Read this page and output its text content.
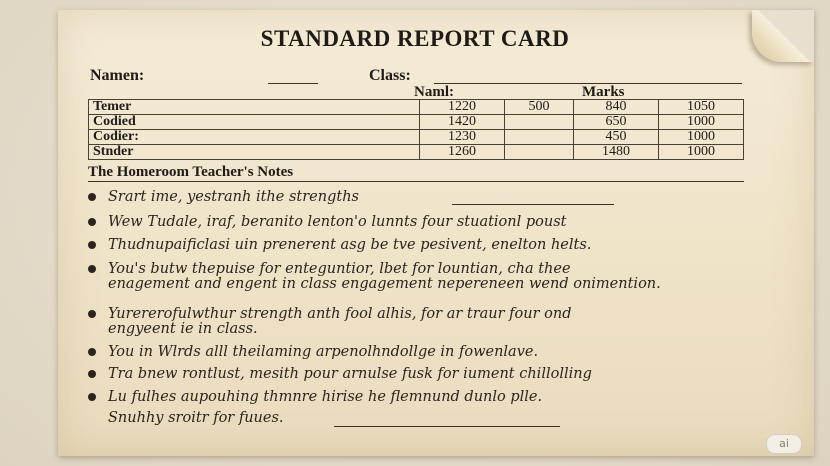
STANDARD REPORT CARD
Namen:	Class:
Naml:	Marks
Temer	1220	500	840	1050
Codied	1420		650	1000
Codier:	1230		450	1000
Stnder	1260		1480	1000
The Homeroom Teacher's Notes
Srart ime, yestranh ithe strengths
Wew Tudale, iraf, beranito lenton'o lunnts four stuationl poust
Thudnupaificlasi uin prenerent asg be tve pesivent, enelton helts.
You's butw thepuise for enteguntior, lbet for lountian, cha thee
enagement and engent in class engagement nepereneen wend onimention.
Yurererofulwthur strength anth fool alhis, for ar traur four ond
engyeent ie in class.
You in Wlrds alll theilaming arpenolhndollge in fowenlave.
Tra bnew rontlust, mesith pour arnulse fusk for iument chillolling
Lu fulhes aupouhing thmnre hirise he flemnund dunlo plle.
Snuhhy sroitr for fuues.
ai
